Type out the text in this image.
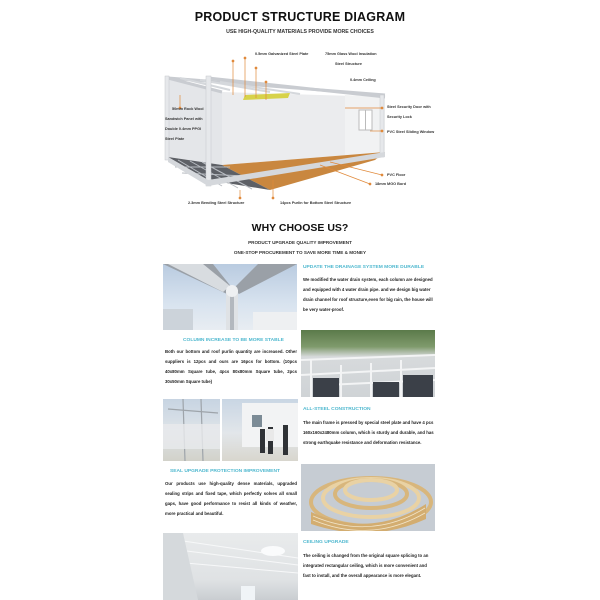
​
PRODUCT STRUCTURE DIAGRAM
USE HIGH-QUALITY MATERIALS PROVIDE MORE CHOICES
0.5mm Galvanized Steel Plate	75mm Glass Wool Insulation
Steel Structure
0.4mm Ceiling
50mm Rock Wool
Sandwich Panel with
Double 0.4mm PPGI
Steel Plate
Steel Security Door with
Security Lock
PVC Steel Sliding Window
PVC Floor
18mm MGO Bord
2.3mm Bending Steel Structure	14pcs Purlin for Bottom Steel Structure
WHY CHOOSE US?
PRODUCT UPGRADE QUALITY IMPROVEMENT
ONE-STOP PROCUREMENT TO SAVE MORE TIME & MONEY
UPDATE THE DRAINAGE SYSTEM MORE DURABLE
We modified the water drain system, each column are designed and equipped with 4 water drain pipe. and we design big water drain channel for roof structure,even for big rain, the house will be very water-proof.
COLUMN INCREASE TO BE MORE STABLE
Both our bottom and roof purlin quantity are increased. Other suppliers is 12pcs and ours are 16pcs for bottom. (10pcs 40x80mm Square tube, 4pcs 80x80mm Square tube, 2pcs 30x50mm Square tube)
ALL-STEEL CONSTRUCTION
The main frame is pressed by special steel plate and have 4 pcs 160x160x2480mm column, which is sturdy and durable, and has strong earthquake resistance and deformation resistance.
SEAL UPGRADE PROTECTION IMPROVEMENT
Our products use high-quality dense materials, upgraded sealing strips and fixed tape, which perfectly solves all small gaps, have good performance to resist all kinds of weather, more practical and beautiful.
CEILING UPGRADE
The ceiling is changed from the original square splicing to an integrated rectangular ceiling, which is more convenient and fast to install, and the overall appearance is more elegant.
